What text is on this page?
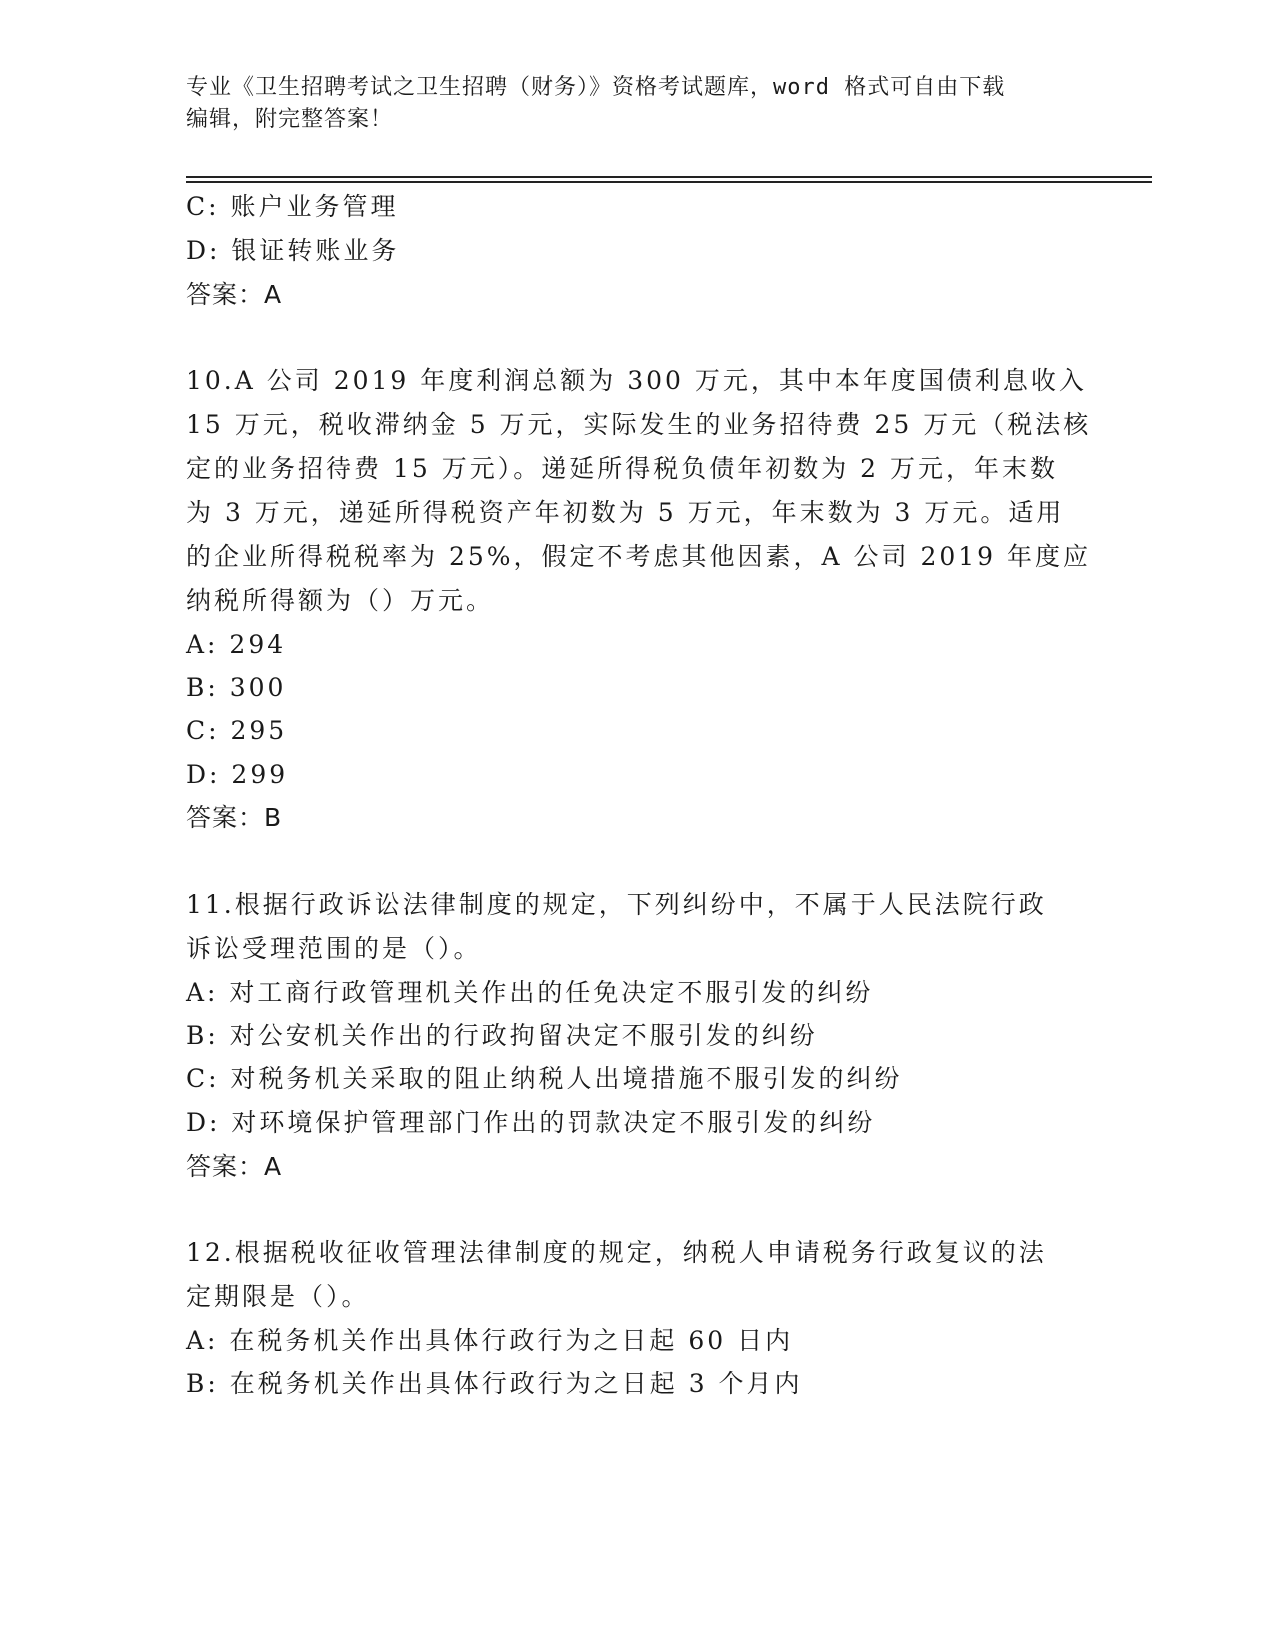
专业《卫生招聘考试之卫生招聘（财务）》资格考试题库，word 格式可自由下载
编辑，附完整答案！
C: 账户业务管理
D: 银证转账业务
答案：A
10.A 公司 2019 年度利润总额为 300 万元，其中本年度国债利息收入
15 万元，税收滞纳金 5 万元，实际发生的业务招待费 25 万元（税法核
定的业务招待费 15 万元）。递延所得税负债年初数为 2 万元，年末数
为 3 万元，递延所得税资产年初数为 5 万元，年末数为 3 万元。适用
的企业所得税税率为 25%，假定不考虑其他因素，A 公司 2019 年度应
纳税所得额为（）万元。
A: 294
B: 300
C: 295
D: 299
答案：B
11.根据行政诉讼法律制度的规定，下列纠纷中，不属于人民法院行政
诉讼受理范围的是（）。
A: 对工商行政管理机关作出的任免决定不服引发的纠纷
B: 对公安机关作出的行政拘留决定不服引发的纠纷
C: 对税务机关采取的阻止纳税人出境措施不服引发的纠纷
D: 对环境保护管理部门作出的罚款决定不服引发的纠纷
答案：A
12.根据税收征收管理法律制度的规定，纳税人申请税务行政复议的法
定期限是（）。
A: 在税务机关作出具体行政行为之日起 60 日内
B: 在税务机关作出具体行政行为之日起 3 个月内
